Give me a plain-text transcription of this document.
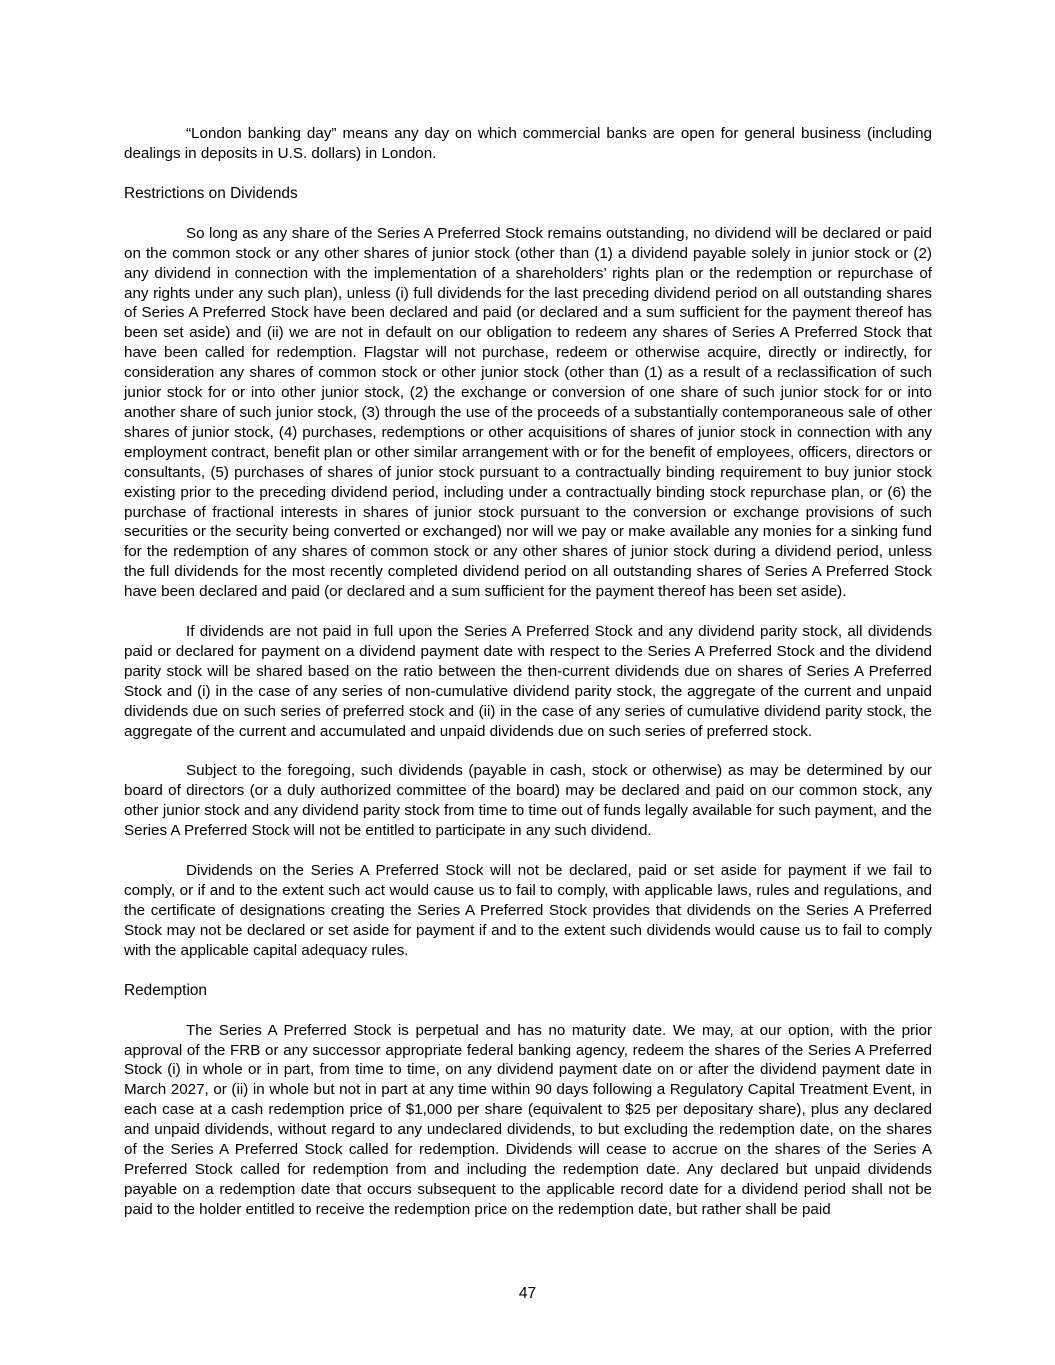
“London banking day” means any day on which commercial banks are open for general business (including dealings in deposits in U.S. dollars) in London.

Restrictions on Dividends

So long as any share of the Series A Preferred Stock remains outstanding, no dividend will be declared or paid on the common stock or any other shares of junior stock (other than (1) a dividend payable solely in junior stock or (2) any dividend in connection with the implementation of a shareholders’ rights plan or the redemption or repurchase of any rights under any such plan), unless (i) full dividends for the last preceding dividend period on all outstanding shares of Series A Preferred Stock have been declared and paid (or declared and a sum sufficient for the payment thereof has been set aside) and (ii) we are not in default on our obligation to redeem any shares of Series A Preferred Stock that have been called for redemption. Flagstar will not purchase, redeem or otherwise acquire, directly or indirectly, for consideration any shares of common stock or other junior stock (other than (1) as a result of a reclassification of such junior stock for or into other junior stock, (2) the exchange or conversion of one share of such junior stock for or into another share of such junior stock, (3) through the use of the proceeds of a substantially contemporaneous sale of other shares of junior stock, (4) purchases, redemptions or other acquisitions of shares of junior stock in connection with any employment contract, benefit plan or other similar arrangement with or for the benefit of employees, officers, directors or consultants, (5) purchases of shares of junior stock pursuant to a contractually binding requirement to buy junior stock existing prior to the preceding dividend period, including under a contractually binding stock repurchase plan, or (6) the purchase of fractional interests in shares of junior stock pursuant to the conversion or exchange provisions of such securities or the security being converted or exchanged) nor will we pay or make available any monies for a sinking fund for the redemption of any shares of common stock or any other shares of junior stock during a dividend period, unless the full dividends for the most recently completed dividend period on all outstanding shares of Series A Preferred Stock have been declared and paid (or declared and a sum sufficient for the payment thereof has been set aside).

If dividends are not paid in full upon the Series A Preferred Stock and any dividend parity stock, all dividends paid or declared for payment on a dividend payment date with respect to the Series A Preferred Stock and the dividend parity stock will be shared based on the ratio between the then-current dividends due on shares of Series A Preferred Stock and (i) in the case of any series of non-cumulative dividend parity stock, the aggregate of the current and unpaid dividends due on such series of preferred stock and (ii) in the case of any series of cumulative dividend parity stock, the aggregate of the current and accumulated and unpaid dividends due on such series of preferred stock.

Subject to the foregoing, such dividends (payable in cash, stock or otherwise) as may be determined by our board of directors (or a duly authorized committee of the board) may be declared and paid on our common stock, any other junior stock and any dividend parity stock from time to time out of funds legally available for such payment, and the Series A Preferred Stock will not be entitled to participate in any such dividend.

Dividends on the Series A Preferred Stock will not be declared, paid or set aside for payment if we fail to comply, or if and to the extent such act would cause us to fail to comply, with applicable laws, rules and regulations, and the certificate of designations creating the Series A Preferred Stock provides that dividends on the Series A Preferred Stock may not be declared or set aside for payment if and to the extent such dividends would cause us to fail to comply with the applicable capital adequacy rules.

Redemption

The Series A Preferred Stock is perpetual and has no maturity date. We may, at our option, with the prior approval of the FRB or any successor appropriate federal banking agency, redeem the shares of the Series A Preferred Stock (i) in whole or in part, from time to time, on any dividend payment date on or after the dividend payment date in March 2027, or (ii) in whole but not in part at any time within 90 days following a Regulatory Capital Treatment Event, in each case at a cash redemption price of $1,000 per share (equivalent to $25 per depositary share), plus any declared and unpaid dividends, without regard to any undeclared dividends, to but excluding the redemption date, on the shares of the Series A Preferred Stock called for redemption. Dividends will cease to accrue on the shares of the Series A Preferred Stock called for redemption from and including the redemption date. Any declared but unpaid dividends payable on a redemption date that occurs subsequent to the applicable record date for a dividend period shall not be paid to the holder entitled to receive the redemption price on the redemption date, but rather shall be paid

47
